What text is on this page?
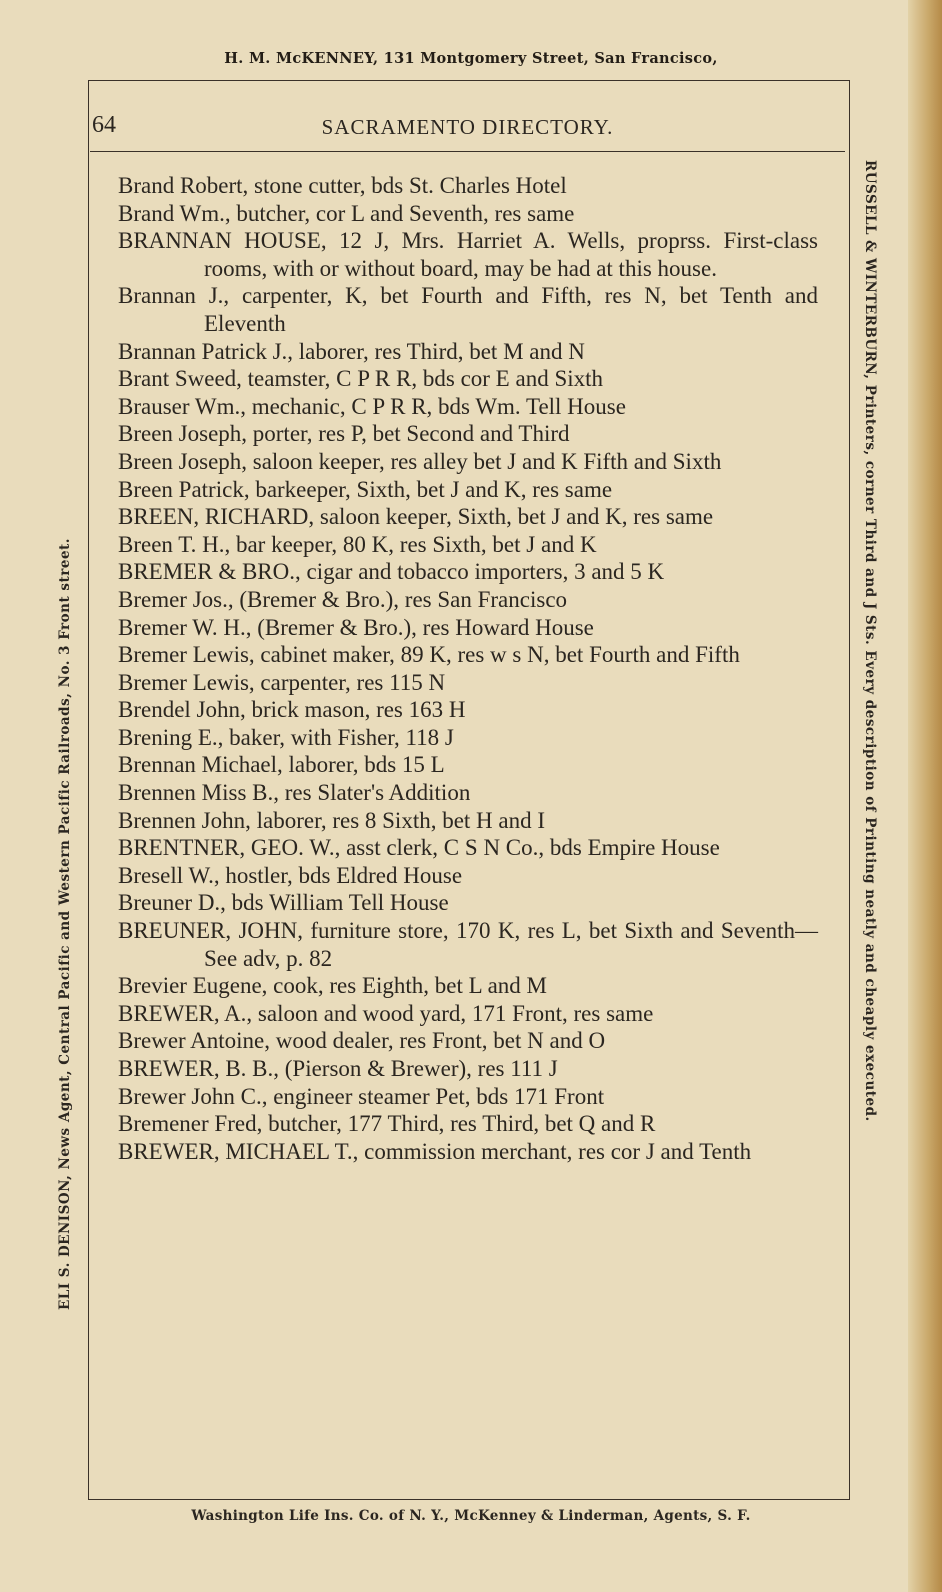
H. M. McKENNEY, 131 Montgomery Street, San Francisco,
64	SACRAMENTO DIRECTORY.
Brand Robert, stone cutter, bds St. Charles Hotel
Brand Wm., butcher, cor L and Seventh, res same
BRANNAN HOUSE, 12 J, Mrs. Harriet A. Wells, proprss. First-class rooms, with or without board, may be had at this house.
Brannan J., carpenter, K, bet Fourth and Fifth, res N, bet Tenth and Eleventh
Brannan Patrick J., laborer, res Third, bet M and N
Brant Sweed, teamster, C P R R, bds cor E and Sixth
Brauser Wm., mechanic, C P R R, bds Wm. Tell House
Breen Joseph, porter, res P, bet Second and Third
Breen Joseph, saloon keeper, res alley bet J and K Fifth and Sixth
Breen Patrick, barkeeper, Sixth, bet J and K, res same
BREEN, RICHARD, saloon keeper, Sixth, bet J and K, res same
Breen T. H., bar keeper, 80 K, res Sixth, bet J and K
BREMER & BRO., cigar and tobacco importers, 3 and 5 K
Bremer Jos., (Bremer & Bro.), res San Francisco
Bremer W. H., (Bremer & Bro.), res Howard House
Bremer Lewis, cabinet maker, 89 K, res w s N, bet Fourth and Fifth
Bremer Lewis, carpenter, res 115 N
Brendel John, brick mason, res 163 H
Brening E., baker, with Fisher, 118 J
Brennan Michael, laborer, bds 15 L
Brennen Miss B., res Slater's Addition
Brennen John, laborer, res 8 Sixth, bet H and I
BRENTNER, GEO. W., asst clerk, C S N Co., bds Empire House
Bresell W., hostler, bds Eldred House
Breuner D., bds William Tell House
BREUNER, JOHN, furniture store, 170 K, res L, bet Sixth and Seventh—See adv, p. 82
Brevier Eugene, cook, res Eighth, bet L and M
BREWER, A., saloon and wood yard, 171 Front, res same
Brewer Antoine, wood dealer, res Front, bet N and O
BREWER, B. B., (Pierson & Brewer), res 111 J
Brewer John C., engineer steamer Pet, bds 171 Front
Bremener Fred, butcher, 177 Third, res Third, bet Q and R
BREWER, MICHAEL T., commission merchant, res cor J and Tenth
ELI S. DENISON, News Agent, Central Pacific and Western Pacific Railroads, No. 3 Front street.	RUSSELL & WINTERBURN, Printers, corner Third and J Sts. Every description of Printing neatly and cheaply executed.
Washington Life Ins. Co. of N. Y., McKenney & Linderman, Agents, S. F.
